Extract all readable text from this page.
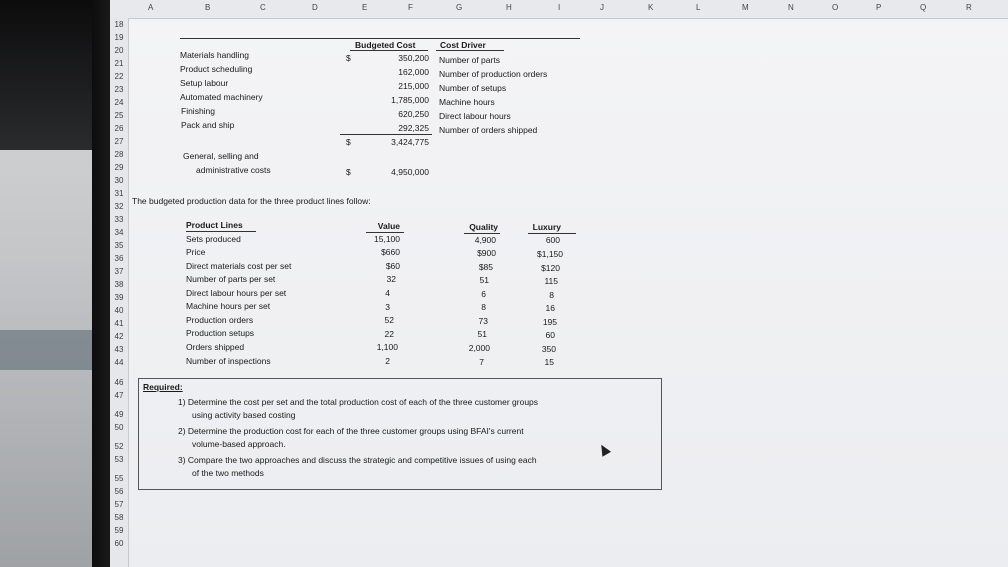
A	B	C	D	E	F	G	H	I	J	K	L	M	N	O	P	Q	R
18
19
20
21
22
23
24
25
26
27
28
29
30
31
32
33
34
35
36
37
38
39
40
41
42
43
44
46
47
49
50
52
53
55
56
57
58
59
60
Budgeted Cost	Cost Driver
$
Materials handling	350,200 Number of parts
Product scheduling	162,000 Number of production orders
Setup labour	215,000 Number of setups
Automated machinery	1,785,000 Machine hours
Finishing	620,250 Direct labour hours
Pack and ship	292,325 Number of orders shipped
$	3,424,775
General, selling and
administrative costs	$	4,950,000
The budgeted production data for the three product lines follow:
Product Lines	Value	Quality	Luxury
Sets produced	15,100	4,900	600
Price	$660	$900	$1,150
Direct materials cost per set	$60	$85	$120
Number of parts per set	32	51	115
Direct labour hours per set	4	6	8
Machine hours per set	3	8	16
Production orders	52	73	195
Production setups	22	51	60
Orders shipped	1,100	2,000	350
Number of inspections	2	7	15
Required:
1) Determine the cost per set and the total production cost of each of the three customer groups
using activity based costing
2) Determine the production cost for each of the three customer groups using BFAI's current
volume-based approach.
3) Compare the two approaches and discuss the strategic and competitive issues of using each
of the two methods
